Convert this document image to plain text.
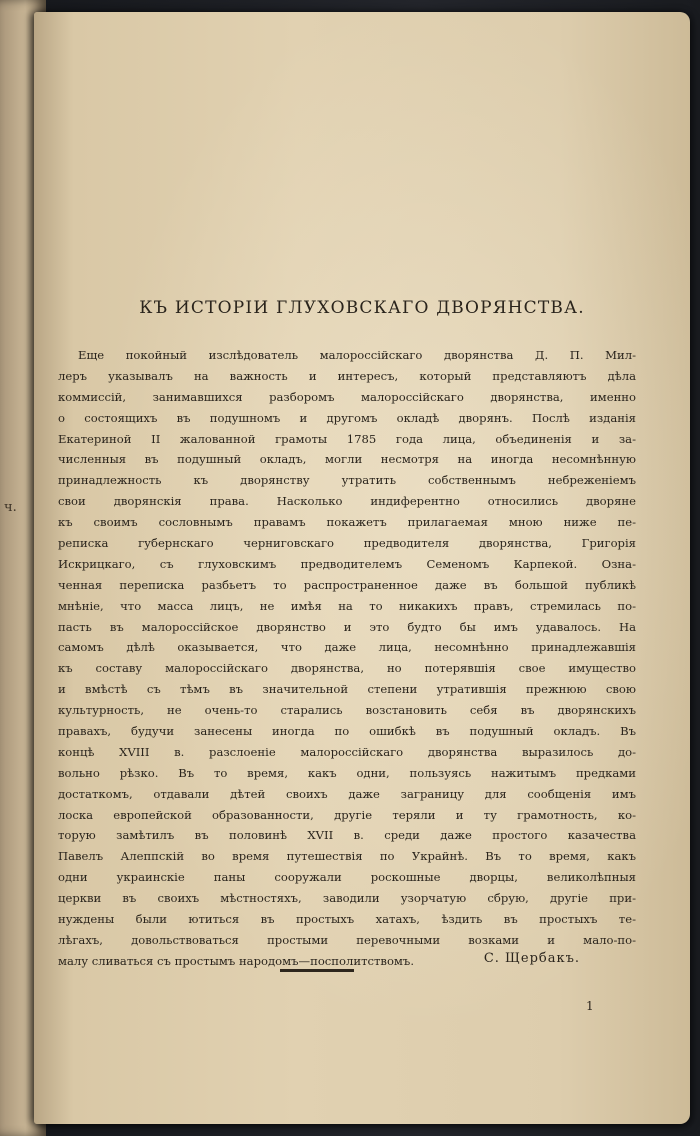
ч.
КЪ ИСТОРІИ ГЛУХОВСКАГО ДВОРЯНСТВА.
Еще покойный изслѣдователь малороссійскаго дворянства Д. П. Мил-
леръ указывалъ на важность и интересъ, который представляютъ дѣла
коммиссій, занимавшихся разборомъ малороссійскаго дворянства, именно
о состоящихъ въ подушномъ и другомъ окладѣ дворянъ. Послѣ изданія
Екатериной II жалованной грамоты 1785 года лица, объединенія и за-
численныя въ подушный окладъ, могли несмотря на иногда несомнѣнную
принадлежность къ дворянству утратить собственнымъ небреженіемъ
свои дворянскія права. Насколько индиферентно относились дворяне
къ своимъ сословнымъ правамъ покажетъ прилагаемая мною ниже пе-
реписка губернскаго черниговскаго предводителя дворянства, Григорія
Искрицкаго, съ глуховскимъ предводителемъ Семеномъ Карпекой. Озна-
ченная переписка разбьетъ то распространенное даже въ большой публикѣ
мнѣніе, что масса лицъ, не имѣя на то никакихъ правъ, стремилась по-
пасть въ малороссійское дворянство и это будто бы имъ удавалось. На
самомъ дѣлѣ оказывается, что даже лица, несомнѣнно принадлежавшія
къ составу малороссійскаго дворянства, но потерявшія свое имущество
и вмѣстѣ съ тѣмъ въ значительной степени утратившія прежнюю свою
культурность, не очень-то старались возстановить себя въ дворянскихъ
правахъ, будучи занесены иногда по ошибкѣ въ подушный окладъ. Въ
концѣ XVIII в. разслоеніе малороссійскаго дворянства выразилось до-
вольно рѣзко. Въ то время, какъ одни, пользуясь нажитымъ предками
достаткомъ, отдавали дѣтей своихъ даже заграницу для сообщенія имъ
лоска европейской образованности, другіе теряли и ту грамотность, ко-
торую замѣтилъ въ половинѣ XVII в. среди даже простого казачества
Павелъ Алеппскій во время путешествія по Украйнѣ. Въ то время, какъ
одни украинскіе паны сооружали роскошные дворцы, великолѣпныя
церкви въ своихъ мѣстностяхъ, заводили узорчатую сбрую, другіе при-
нуждены были ютиться въ простыхъ хатахъ, ѣздить въ простыхъ те-
лѣгахъ, довольствоваться простыми перевочными возками и мало-по-
малу сливаться съ простымъ народомъ—посполитствомъ.	С. Щербакъ.
1
